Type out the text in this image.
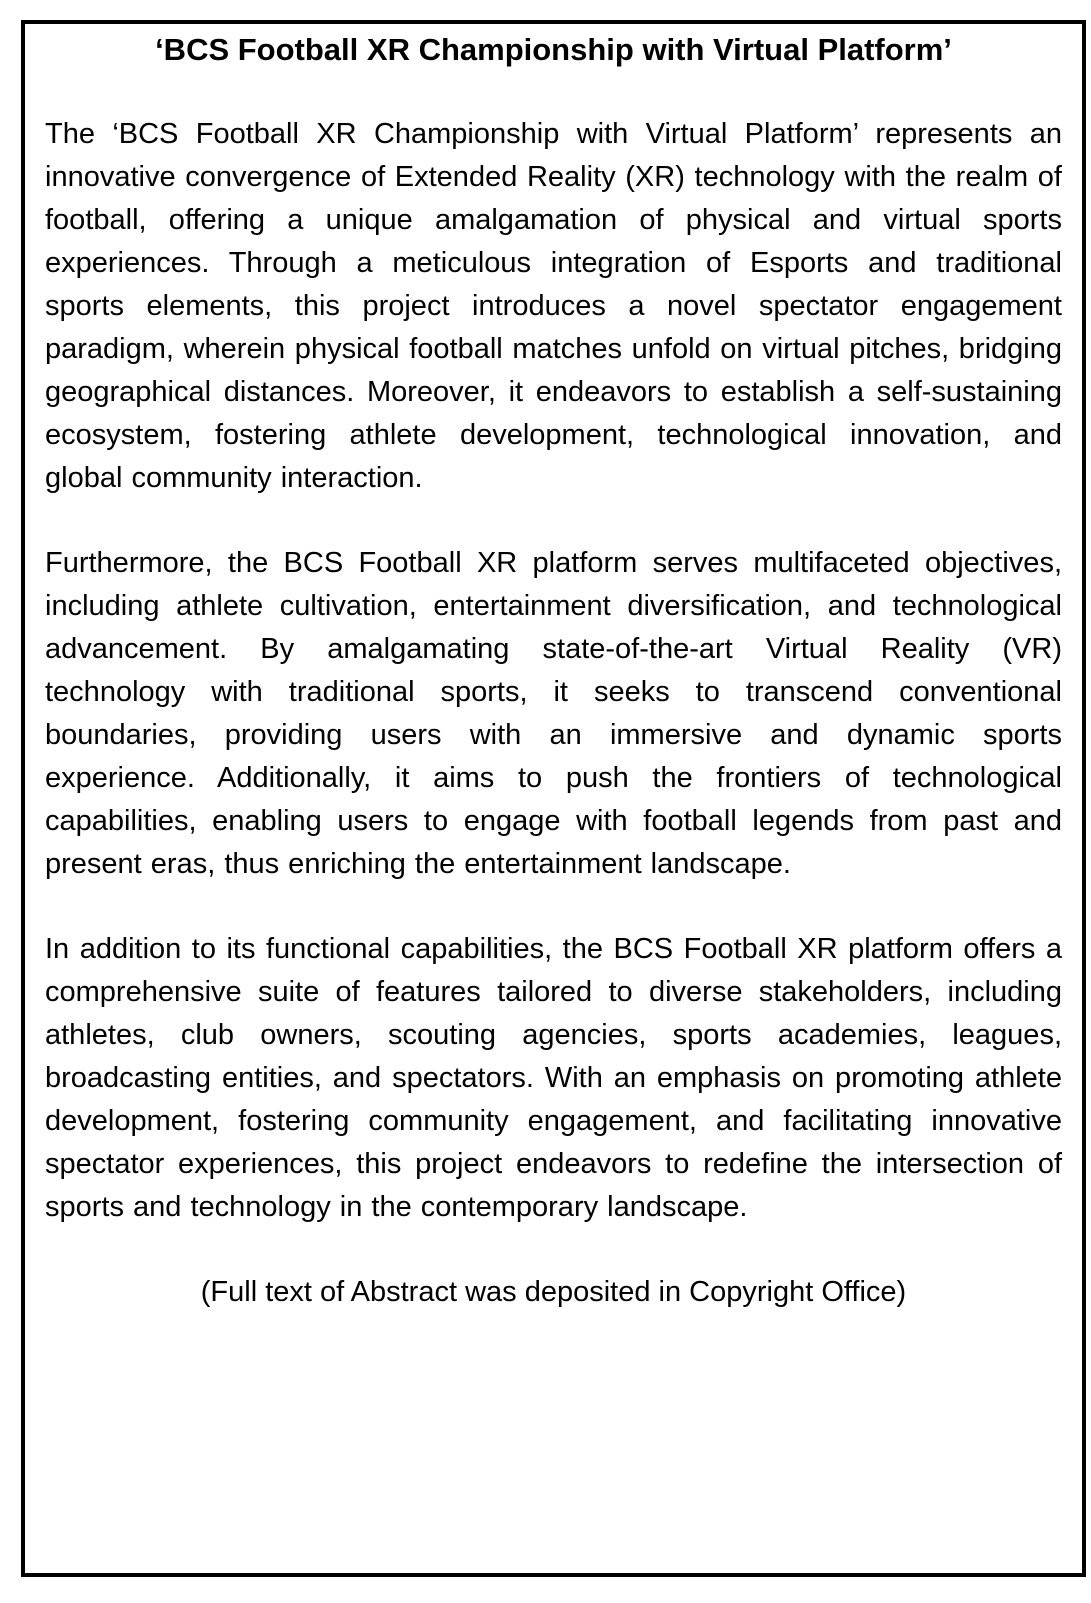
‘BCS Football XR Championship with Virtual Platform’

The ‘BCS Football XR Championship with Virtual Platform’ represents an innovative convergence of Extended Reality (XR) technology with the realm of football, offering a unique amalgamation of physical and virtual sports experiences. Through a meticulous integration of Esports and traditional sports elements, this project introduces a novel spectator engagement paradigm, wherein physical football matches unfold on virtual pitches, bridging geographical distances. Moreover, it endeavors to establish a self-sustaining ecosystem, fostering athlete development, technological innovation, and global community interaction.

Furthermore, the BCS Football XR platform serves multifaceted objectives, including athlete cultivation, entertainment diversification, and technological advancement. By amalgamating state-of-the-art Virtual Reality (VR) technology with traditional sports, it seeks to transcend conventional boundaries, providing users with an immersive and dynamic sports experience. Additionally, it aims to push the frontiers of technological capabilities, enabling users to engage with football legends from past and present eras, thus enriching the entertainment landscape.

In addition to its functional capabilities, the BCS Football XR platform offers a comprehensive suite of features tailored to diverse stakeholders, including athletes, club owners, scouting agencies, sports academies, leagues, broadcasting entities, and spectators. With an emphasis on promoting athlete development, fostering community engagement, and facilitating innovative spectator experiences, this project endeavors to redefine the intersection of sports and technology in the contemporary landscape.

(Full text of Abstract was deposited in Copyright Office)
